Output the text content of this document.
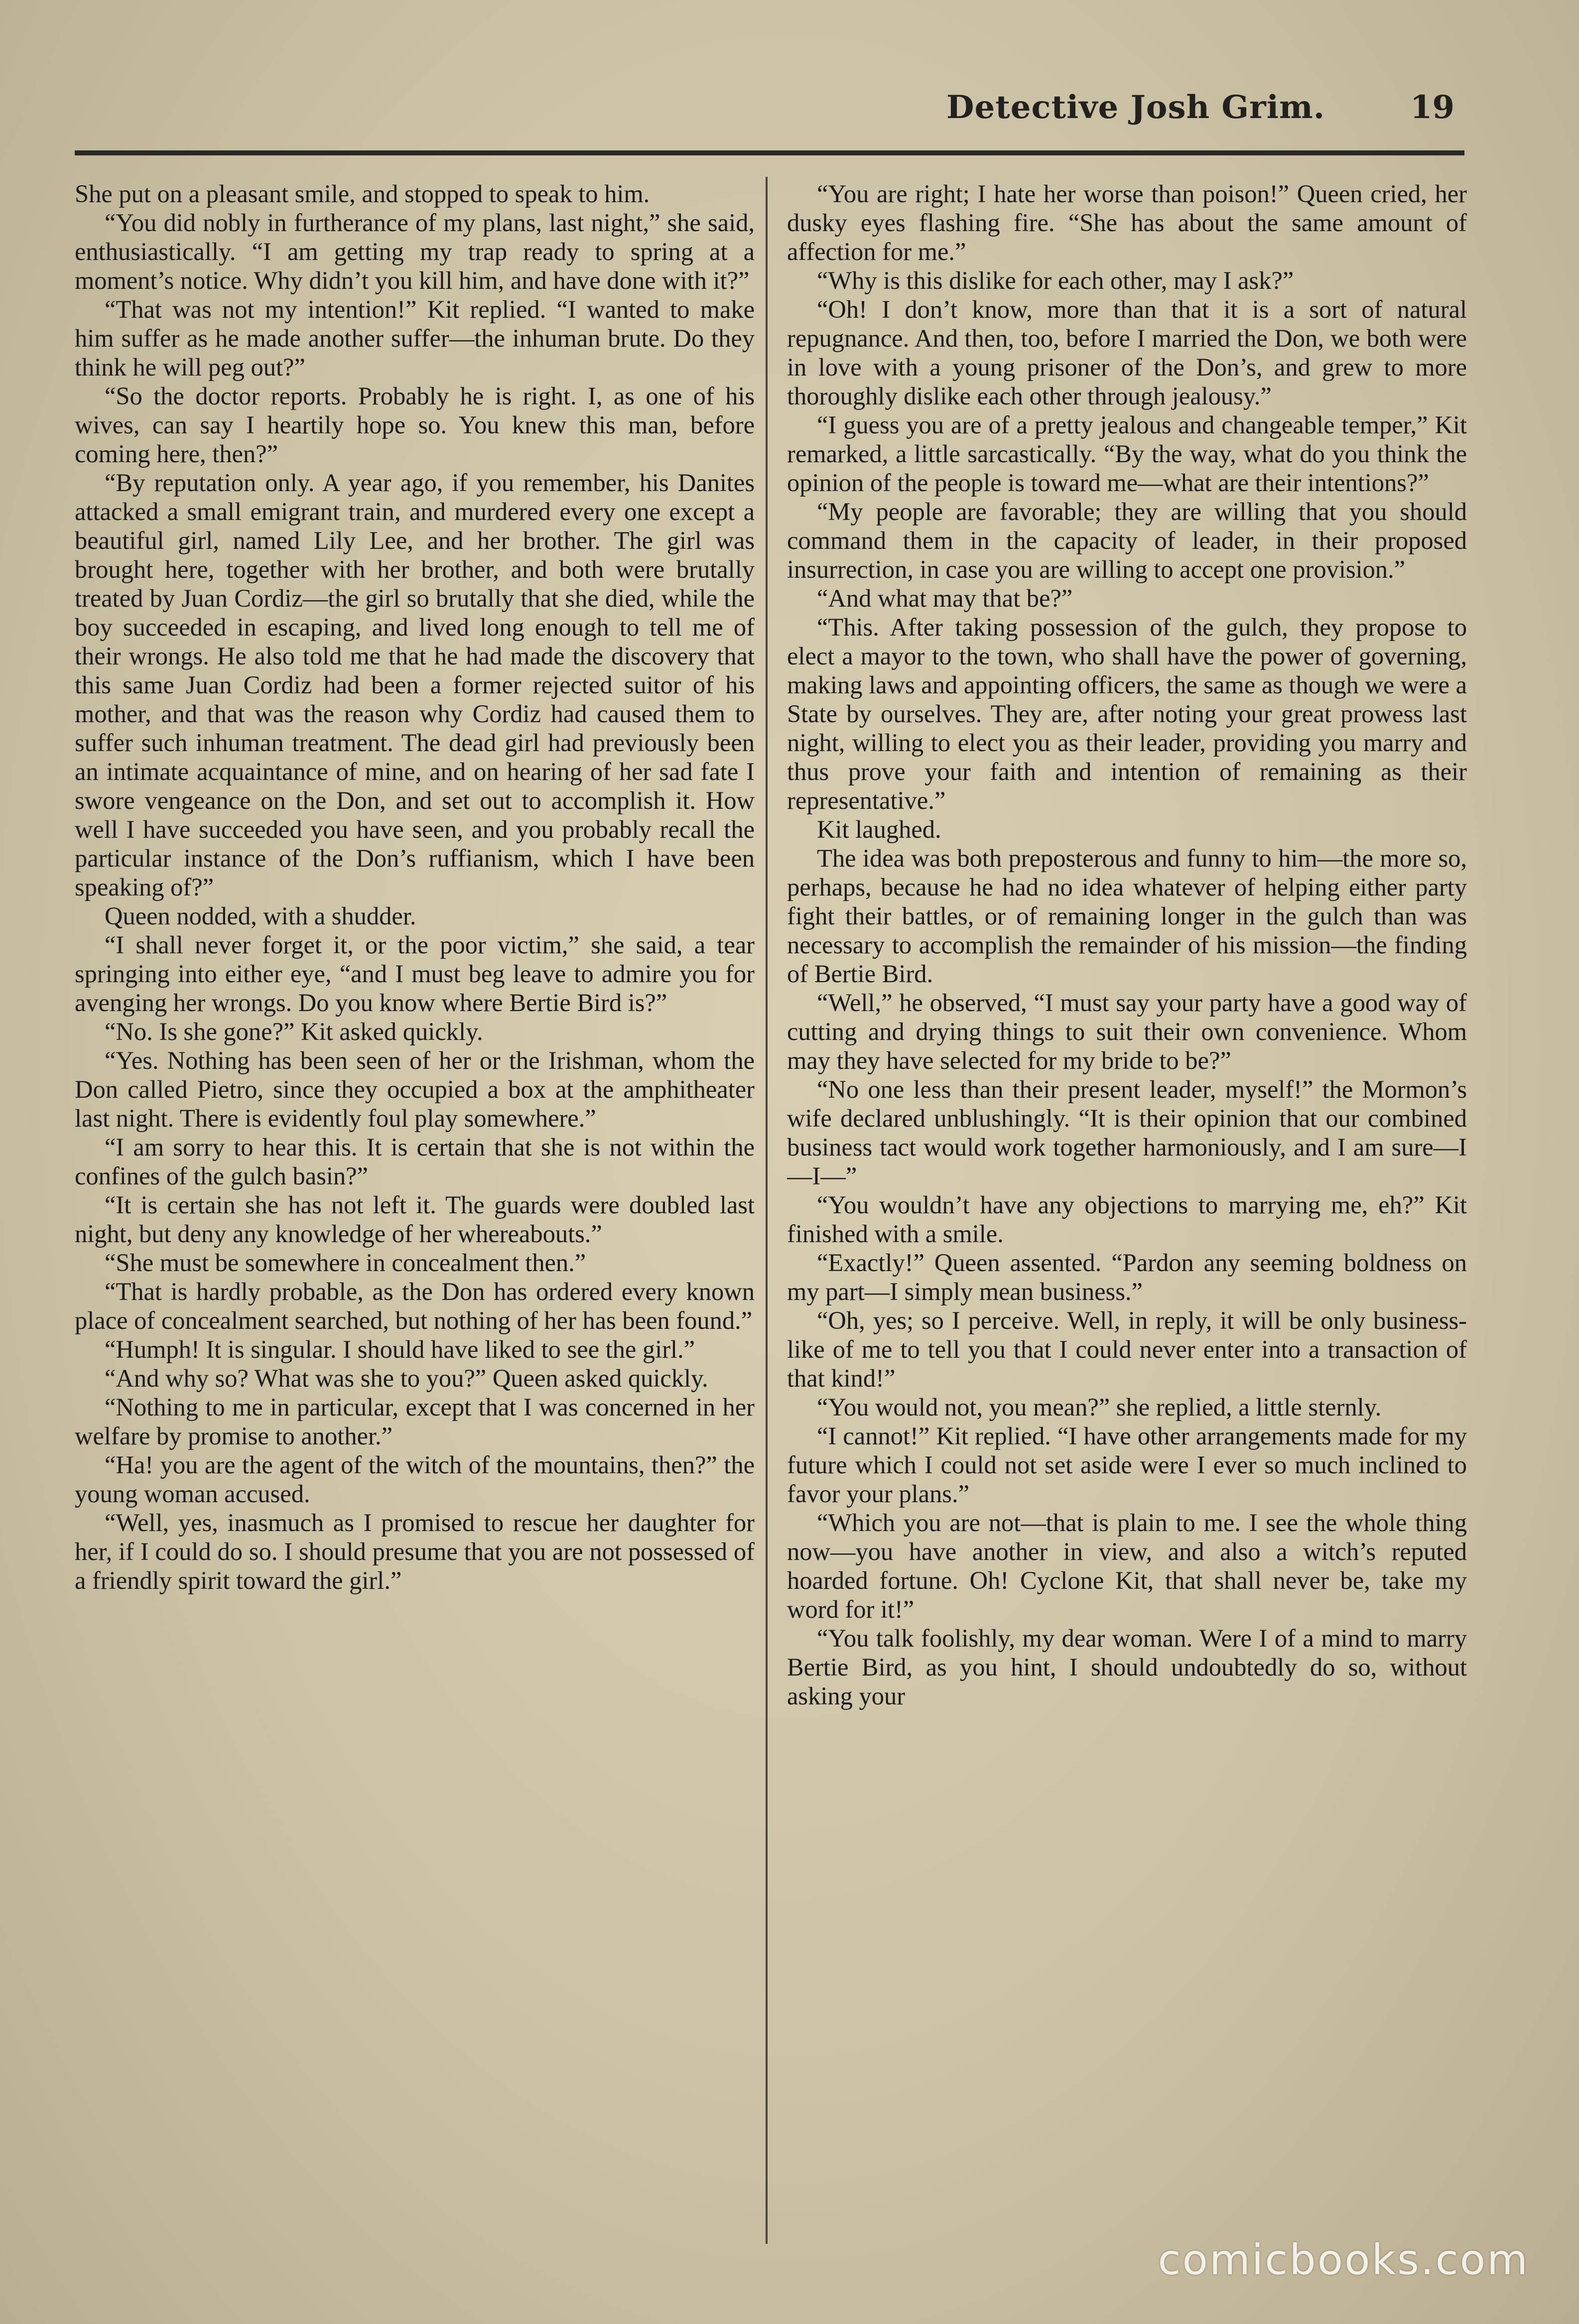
Detective Josh Grim.	19

She put on a pleasant smile, and stopped to speak to him.

“You did nobly in furtherance of my plans, last night,” she said, enthusiastically. “I am getting my trap ready to spring at a moment’s notice. Why didn’t you kill him, and have done with it?”

“That was not my intention!” Kit replied. “I wanted to make him suffer as he made another suffer—the inhuman brute. Do they think he will peg out?”

“So the doctor reports. Probably he is right. I, as one of his wives, can say I heartily hope so. You knew this man, before coming here, then?”

“By reputation only. A year ago, if you remember, his Danites attacked a small emigrant train, and murdered every one except a beautiful girl, named Lily Lee, and her brother. The girl was brought here, together with her brother, and both were brutally treated by Juan Cordiz—the girl so brutally that she died, while the boy succeeded in escaping, and lived long enough to tell me of their wrongs. He also told me that he had made the discovery that this same Juan Cordiz had been a former rejected suitor of his mother, and that was the reason why Cordiz had caused them to suffer such inhuman treatment. The dead girl had previously been an intimate acquaintance of mine, and on hearing of her sad fate I swore vengeance on the Don, and set out to accomplish it. How well I have succeeded you have seen, and you probably recall the particular instance of the Don’s ruffianism, which I have been speaking of?”

Queen nodded, with a shudder.

“I shall never forget it, or the poor victim,” she said, a tear springing into either eye, “and I must beg leave to admire you for avenging her wrongs. Do you know where Bertie Bird is?”

“No. Is she gone?” Kit asked quickly.

“Yes. Nothing has been seen of her or the Irishman, whom the Don called Pietro, since they occupied a box at the amphitheater last night. There is evidently foul play somewhere.”

“I am sorry to hear this. It is certain that she is not within the confines of the gulch basin?”

“It is certain she has not left it. The guards were doubled last night, but deny any knowledge of her whereabouts.”

“She must be somewhere in concealment then.”

“That is hardly probable, as the Don has ordered every known place of concealment searched, but nothing of her has been found.”

“Humph! It is singular. I should have liked to see the girl.”

“And why so? What was she to you?” Queen asked quickly.

“Nothing to me in particular, except that I was concerned in her welfare by promise to another.”

“Ha! you are the agent of the witch of the mountains, then?” the young woman accused.

“Well, yes, inasmuch as I promised to rescue her daughter for her, if I could do so. I should presume that you are not possessed of a friendly spirit toward the girl.”

“You are right; I hate her worse than poison!” Queen cried, her dusky eyes flashing fire. “She has about the same amount of affection for me.”

“Why is this dislike for each other, may I ask?”

“Oh! I don’t know, more than that it is a sort of natural repugnance. And then, too, before I married the Don, we both were in love with a young prisoner of the Don’s, and grew to more thoroughly dislike each other through jealousy.”

“I guess you are of a pretty jealous and changeable temper,” Kit remarked, a little sarcastically. “By the way, what do you think the opinion of the people is toward me—what are their intentions?”

“My people are favorable; they are willing that you should command them in the capacity of leader, in their proposed insurrection, in case you are willing to accept one provision.”

“And what may that be?”

“This. After taking possession of the gulch, they propose to elect a mayor to the town, who shall have the power of governing, making laws and appointing officers, the same as though we were a State by ourselves. They are, after noting your great prowess last night, willing to elect you as their leader, providing you marry and thus prove your faith and intention of remaining as their representative.”

Kit laughed.

The idea was both preposterous and funny to him—the more so, perhaps, because he had no idea whatever of helping either party fight their battles, or of remaining longer in the gulch than was necessary to accomplish the remainder of his mission—the finding of Bertie Bird.

“Well,” he observed, “I must say your party have a good way of cutting and drying things to suit their own convenience. Whom may they have selected for my bride to be?”

“No one less than their present leader, myself!” the Mormon’s wife declared unblushingly. “It is their opinion that our combined business tact would work together harmoniously, and I am sure—I—I—”

“You wouldn’t have any objections to marrying me, eh?” Kit finished with a smile.

“Exactly!” Queen assented. “Pardon any seeming boldness on my part—I simply mean business.”

“Oh, yes; so I perceive. Well, in reply, it will be only business-like of me to tell you that I could never enter into a transaction of that kind!”

“You would not, you mean?” she replied, a little sternly.

“I cannot!” Kit replied. “I have other arrangements made for my future which I could not set aside were I ever so much inclined to favor your plans.”

“Which you are not—that is plain to me. I see the whole thing now—you have another in view, and also a witch’s reputed hoarded fortune. Oh! Cyclone Kit, that shall never be, take my word for it!”

“You talk foolishly, my dear woman. Were I of a mind to marry Bertie Bird, as you hint, I should undoubtedly do so, without asking your

comicbooks.com
